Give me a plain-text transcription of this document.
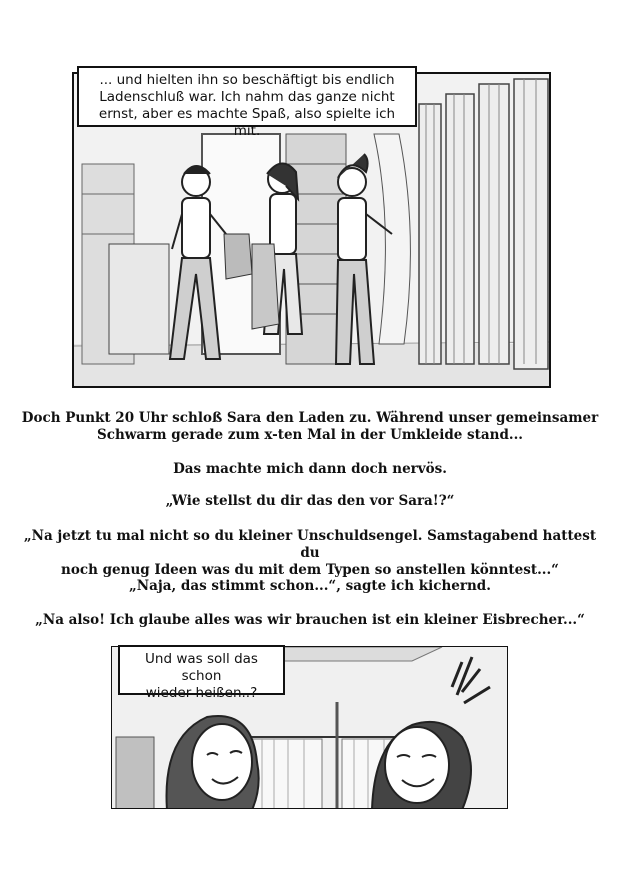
... und hielten ihn so beschäftigt bis endlich
Ladenschluß war. Ich nahm das ganze nicht
ernst, aber es machte Spaß, also spielte ich mit.
Doch Punkt 20 Uhr schloß Sara den Laden zu. Während unser gemeinsamer
Schwarm gerade zum x-ten Mal in der Umkleide stand...
Das machte mich dann doch nervös.
„Wie stellst du dir das den vor Sara!?“
„Na jetzt tu mal nicht so du kleiner Unschuldsengel. Samstagabend hattest du
noch genug Ideen was du mit dem Typen so anstellen könntest...“
„Naja, das stimmt schon...“, sagte ich kichernd.
„Na also! Ich glaube alles was wir brauchen ist ein kleiner Eisbrecher...“
Und was soll das schon
wieder heißen..?
